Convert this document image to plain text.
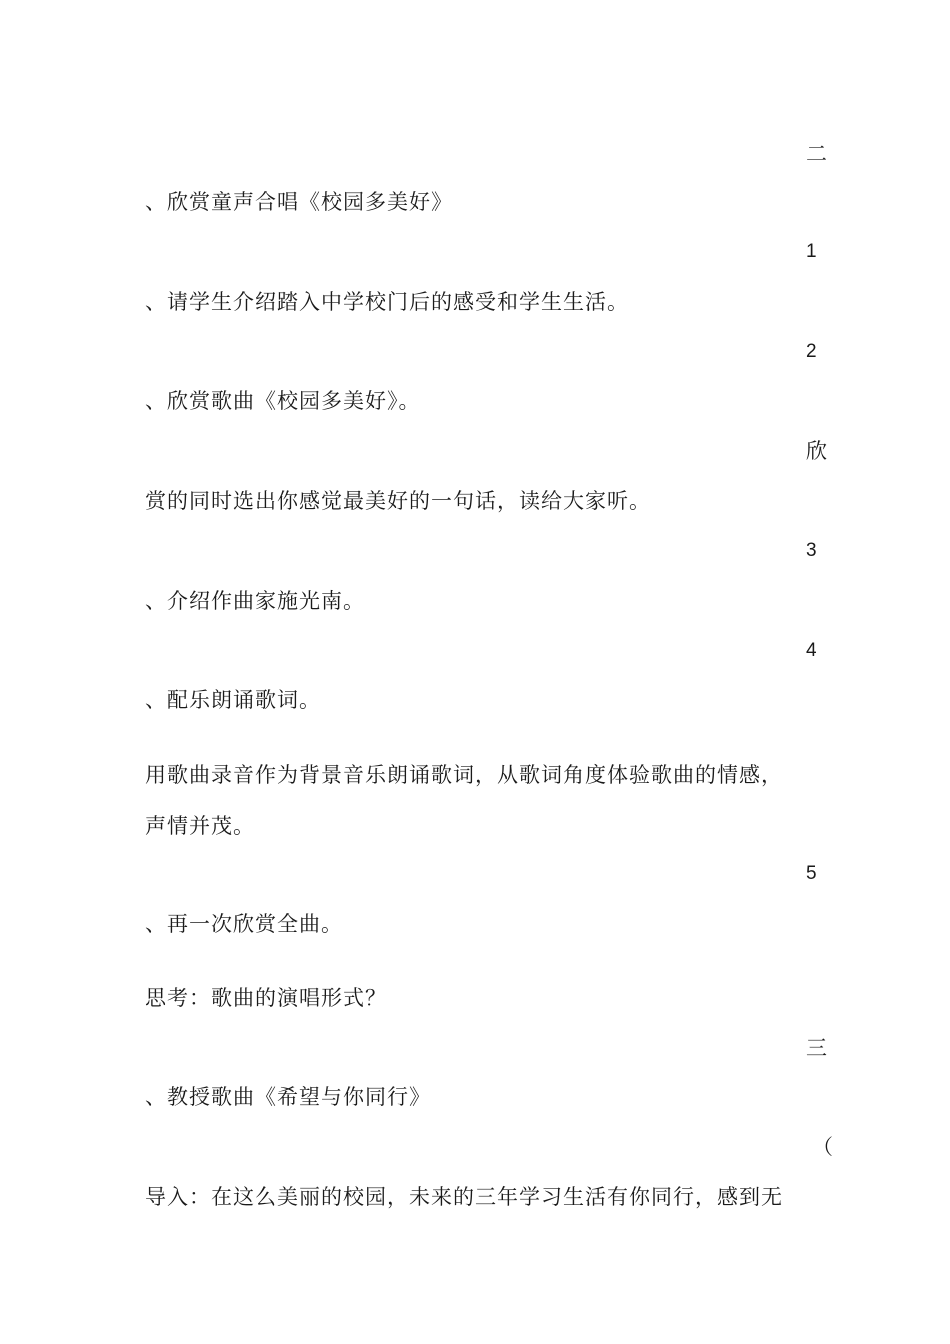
二
、欣赏童声合唱《校园多美好》
1
、请学生介绍踏入中学校门后的感受和学生生活。
2
、欣赏歌曲《校园多美好》。
欣
赏的同时选出你感觉最美好的一句话，读给大家听。
3
、介绍作曲家施光南。
4
、配乐朗诵歌词。
用歌曲录音作为背景音乐朗诵歌词，从歌词角度体验歌曲的情感，
声情并茂。
5
、再一次欣赏全曲。
思考：歌曲的演唱形式？
三
、教授歌曲《希望与你同行》
（
导入：在这么美丽的校园，未来的三年学习生活有你同行，感到无
